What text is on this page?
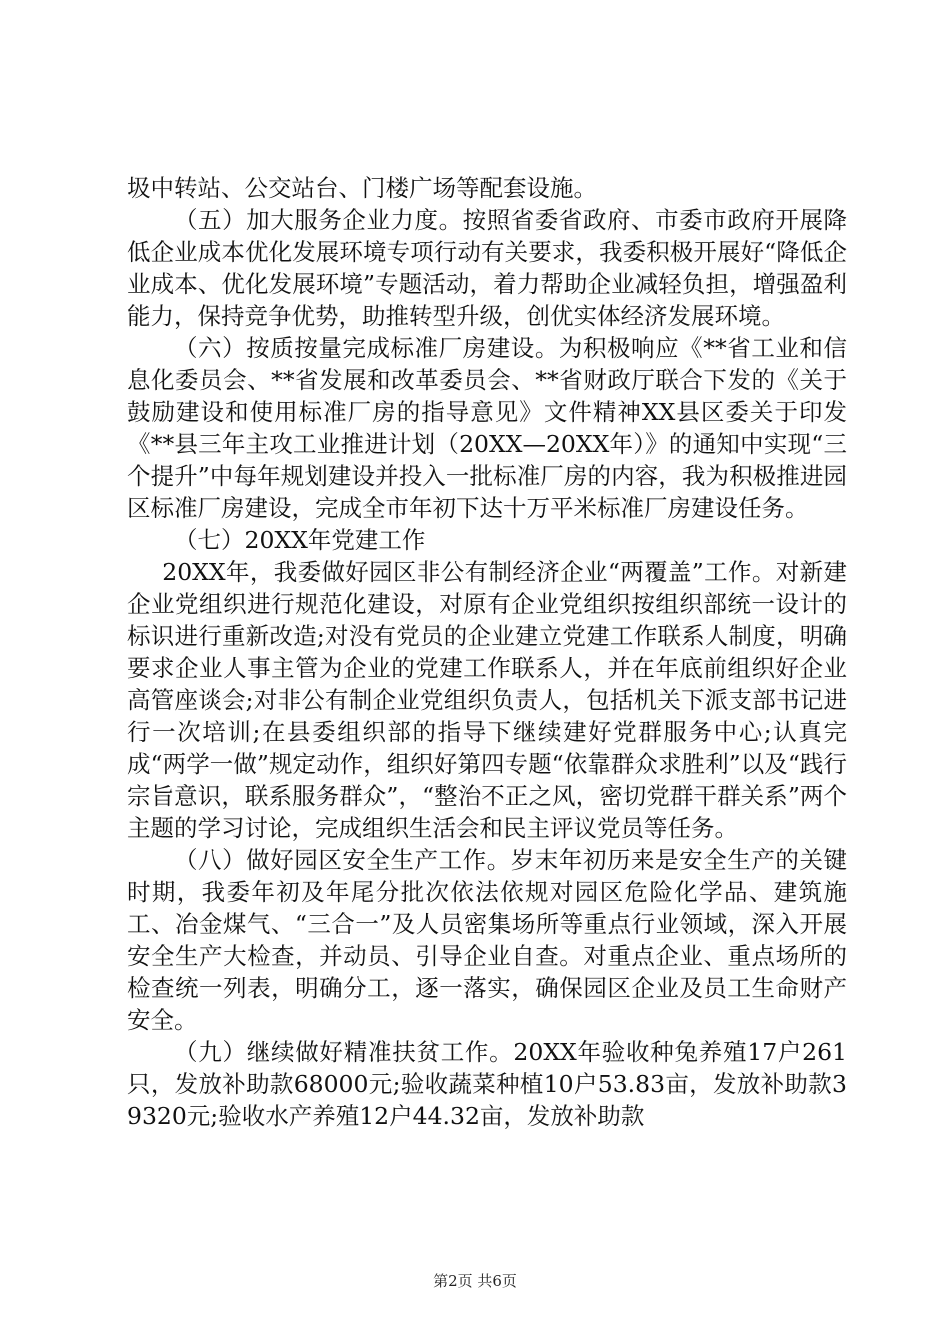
圾中转站、公交站台、门楼广场等配套设施。

（五）加大服务企业力度。按照省委省政府、市委市政府开展降低企业成本优化发展环境专项行动有关要求，我委积极开展好“降低企业成本、优化发展环境”专题活动，着力帮助企业减轻负担，增强盈利能力，保持竞争优势，助推转型升级，创优实体经济发展环境。

（六）按质按量完成标准厂房建设。为积极响应《**省工业和信息化委员会、**省发展和改革委员会、**省财政厅联合下发的《关于鼓励建设和使用标准厂房的指导意见》文件精神XX县区委关于印发《**县三年主攻工业推进计划（20XX—20XX年）》的通知中实现“三个提升”中每年规划建设并投入一批标准厂房的内容，我为积极推进园区标准厂房建设，完成全市年初下达十万平米标准厂房建设任务。

（七）20XX年党建工作

20XX年，我委做好园区非公有制经济企业“两覆盖”工作。对新建企业党组织进行规范化建设，对原有企业党组织按组织部统一设计的标识进行重新改造;对没有党员的企业建立党建工作联系人制度，明确要求企业人事主管为企业的党建工作联系人，并在年底前组织好企业高管座谈会;对非公有制企业党组织负责人，包括机关下派支部书记进行一次培训;在县委组织部的指导下继续建好党群服务中心;认真完成“两学一做”规定动作，组织好第四专题“依靠群众求胜利”以及“践行宗旨意识，联系服务群众”，“整治不正之风，密切党群干群关系”两个主题的学习讨论，完成组织生活会和民主评议党员等任务。

（八）做好园区安全生产工作。岁末年初历来是安全生产的关键时期，我委年初及年尾分批次依法依规对园区危险化学品、建筑施工、冶金煤气、“三合一”及人员密集场所等重点行业领域，深入开展安全生产大检查，并动员、引导企业自查。对重点企业、重点场所的检查统一列表，明确分工，逐一落实，确保园区企业及员工生命财产安全。

（九）继续做好精准扶贫工作。20XX年验收种兔养殖17户261只，发放补助款68000元;验收蔬菜种植10户53.83亩，发放补助款39320元;验收水产养殖12户44.32亩，发放补助款

第2页 共6页
